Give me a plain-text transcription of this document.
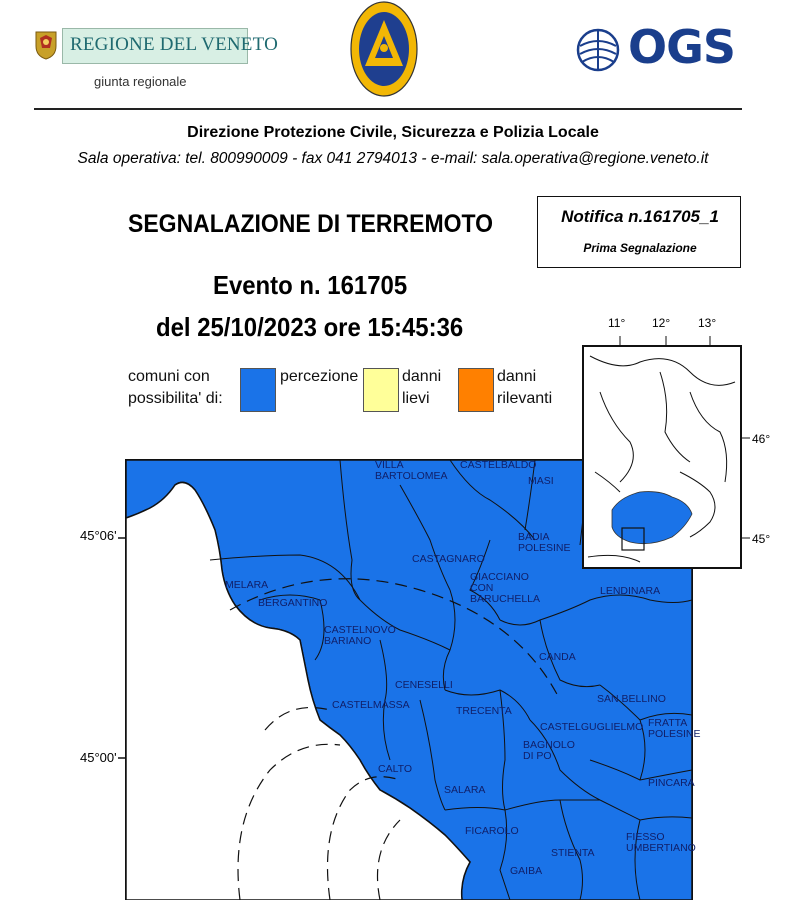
REGIONE DEL VENETO
giunta regionale
OGS
Direzione Protezione Civile, Sicurezza e Polizia Locale
Sala operativa: tel. 800990009 - fax 041 2794013 - e-mail: sala.operativa@regione.veneto.it
SEGNALAZIONE DI TERREMOTO
Evento n. 161705
del 25/10/2023 ore 15:45:36
Notifica n.161705_1
Prima Segnalazione
comuni con
possibilita' di:
percezione	danni
lievi
danni
rilevanti
VILLA BARTOLOMEA
CASTELBALDO
MASI
BADIA POLESINE
CASTAGNARO
GIACCIANO CON BARUCHELLA
LENDINARA
MELARA
BERGANTINO
CASTELNOVO BARIANO
CANDA
CENESELLI
CASTELMASSA	TRECENTA
SAN BELLINO
CASTELGUGLIELMO FRATTA POLESINE
BAGNOLO DI PO
CALTO
SALARA
PINCARA
FICAROLO	FIESSO UMBERTIANO
STIENTA
GAIBA
45°06'
45°00'
11° 12° 13°
46°
45°
